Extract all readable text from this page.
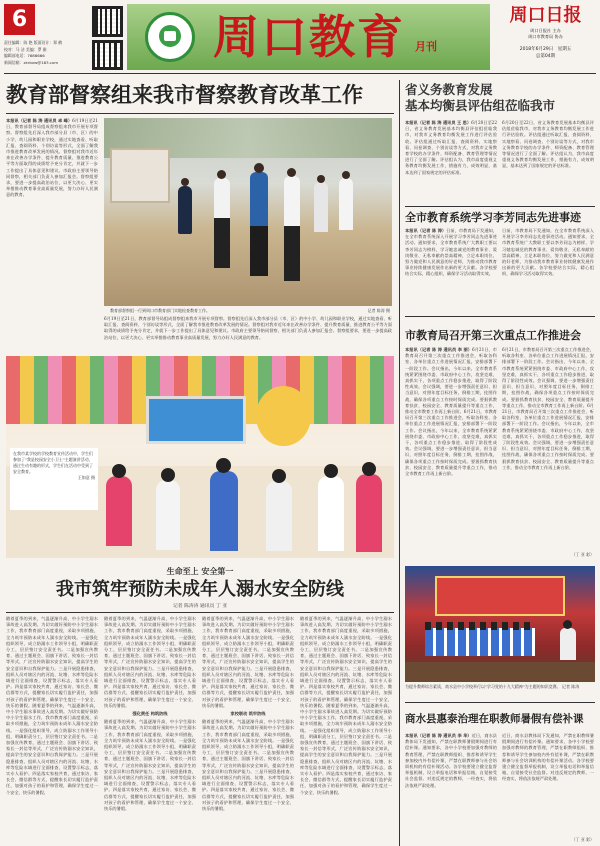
6
责任编辑：陈 艳 版面设计：郑 鹤
校对：马 洁 美编：罗 雅
编辑部电话：7686666
新闻信箱：zkrbxw@163.com	周口教育 月刊
周口日报
周口日报社 主办
周口市教育局 协办
2018年6月29日　星期五
总第04期
教育部督察组来我市督察教育改革工作
本报讯（记者 陈 涛 通讯员 卓 峰）6月19日至21日，教育部督导局组成督察组来我市开展专项督察。督察组先后深入我市部分县（市、区）的中小学、幼儿园和职业学校，通过实地查看、听取汇报、查阅资料、个别访谈等形式，全面了解我市推进教育改革发展的情况。督察组对我市近年来在改善办学条件、提升教育质量、推进教育公平等方面取得的成绩给予充分肯定，并就下一步工作提出了具体意见和建议。市政府主要领导陪同督察，相关部门负责人参加汇报会。督察组要求，要进一步提高政治站位，以更大决心、更实举措推动教育事业高质量发展，努力办好人民满意的教育。
教育部督察组一行到周口市教育部门实地检查教育工作。	记者 陈涛 摄
6月19日至21日，教育部督导局组成督察组来我市开展专项督察。督察组先后深入我市部分县（市、区）的中小学、幼儿园和职业学校，通过实地查看、听取汇报、查阅资料、个别访谈等形式，全面了解我市推进教育改革发展的情况。督察组对我市近年来在改善办学条件、提升教育质量、推进教育公平等方面取得的成绩给予充分肯定，并就下一步工作提出了具体意见和建议。市政府主要领导陪同督察，相关部门负责人参加汇报会。督察组要求，要进一步提高政治站位，以更大决心、更实举措推动教育事业高质量发展，努力办好人民满意的教育。
省义务教育发展
基本均衡县评估组莅临我市
本报讯（记者 陈 涛 通讯员 王 思）6月20日至22日，省义务教育发展基本均衡县评估组莅临我市，对我市义务教育均衡发展工作进行评估验收。评估组通过听取汇报、查阅资料、实地察看、问卷调查、个别访谈等方式，对我市义务教育学校的办学条件、师资配备、教育管理等情况进行了全面了解。评估组认为，我市高度重视义务教育均衡发展工作，措施有力，成效明显，基本达到了国家规定的评估标准。
6月20日至22日，省义务教育发展基本均衡县评估组莅临我市，对我市义务教育均衡发展工作进行评估验收。评估组通过听取汇报、查阅资料、实地察看、问卷调查、个别访谈等方式，对我市义务教育学校的办学条件、师资配备、教育管理等情况进行了全面了解。评估组认为，我市高度重视义务教育均衡发展工作，措施有力，成效明显，基本达到了国家规定的评估标准。
全市教育系统学习李芳同志先进事迹
本报讯（记者 陈 涛）日前，市教育局下发通知，在全市教育系统深入开展学习李芳同志先进事迹活动。通知要求，全市教育系统广大教职工要以李芳同志为榜样，学习她忠诚党的教育事业、爱岗敬业、无私奉献的崇高精神，立足本职岗位，努力做党和人民满意的好老师，为推动我市教育事业持续健康发展作出新的更大贡献。各学校要结合实际，精心组织，确保学习活动取得实效。
日前，市教育局下发通知，在全市教育系统深入开展学习李芳同志先进事迹活动。通知要求，全市教育系统广大教职工要以李芳同志为榜样，学习她忠诚党的教育事业、爱岗敬业、无私奉献的崇高精神，立足本职岗位，努力做党和人民满意的好老师，为推动我市教育事业持续健康发展作出新的更大贡献。各学校要结合实际，精心组织，确保学习活动取得实效。
市教育局召开第三次重点工作推进会
本报讯（记者 陈 涛 通讯员 李 丽）6月21日，市教育局召开第三次重点工作推进会，听取各科室、各单位重点工作进展情况汇报，安排部署下一阶段工作。会议指出，今年以来，全市教育系统紧紧围绕市委、市政府中心工作，攻坚克难，真抓实干，各项重点工作稳步推进，取得了阶段性成效。会议强调，要进一步增强责任意识、担当意识，对照年度目标任务，倒排工期，挂图作战，确保各项重点工作按时保质完成。要狠抓教育扶贫、校园安全、教育质量提升等重点工作，推动全市教育工作再上新台阶。6月21日，市教育局召开第三次重点工作推进会，听取各科室、各单位重点工作进展情况汇报，安排部署下一阶段工作。会议指出，今年以来，全市教育系统紧紧围绕市委、市政府中心工作，攻坚克难，真抓实干，各项重点工作稳步推进，取得了阶段性成效。会议强调，要进一步增强责任意识、担当意识，对照年度目标任务，倒排工期，挂图作战，确保各项重点工作按时保质完成。要狠抓教育扶贫、校园安全、教育质量提升等重点工作，推动全市教育工作再上新台阶。
6月21日，市教育局召开第三次重点工作推进会，听取各科室、各单位重点工作进展情况汇报，安排部署下一阶段工作。会议指出，今年以来，全市教育系统紧紧围绕市委、市政府中心工作，攻坚克难，真抓实干，各项重点工作稳步推进，取得了阶段性成效。会议强调，要进一步增强责任意识、担当意识，对照年度目标任务，倒排工期，挂图作战，确保各项重点工作按时保质完成。要狠抓教育扶贫、校园安全、教育质量提升等重点工作，推动全市教育工作再上新台阶。6月21日，市教育局召开第三次重点工作推进会，听取各科室、各单位重点工作进展情况汇报，安排部署下一阶段工作。会议指出，今年以来，全市教育系统紧紧围绕市委、市政府中心工作，攻坚克难，真抓实干，各项重点工作稳步推进，取得了阶段性成效。会议强调，要进一步增强责任意识、担当意识，对照年度目标任务，倒排工期，挂图作战，确保各项重点工作按时保质完成。要狠抓教育扶贫、校园安全、教育质量提升等重点工作，推动全市教育工作再上新台阶。
（丁 亚 彩）
在我市某学校的学校教育宣传活动中，学生们参加了"我是校园安全小卫士"主题演讲活动，通过生动有趣的形式，学生们在活动中受到了安全教育。
王如意 摄
生命至上 安全第一
我市筑牢预防未成年人溺水安全防线
记者 陈涛涛 通讯员 丁 亚
随着夏季的到来，气温逐渐升高，中小学生溺水事故进入高发期。为切实做好预防中小学生溺水工作，我市教育部门高度重视，采取多项措施，全力筑牢预防未成年人溺水安全防线。一是强化组织领导，成立防溺水工作领导小组，明确职责分工，层层签订安全责任书。二是加强宣传教育，通过主题班会、国旗下讲话、致家长一封信等形式，广泛宣传防溺水安全知识，提高学生的安全意识和自我保护能力。三是开展隐患排查，组织人员对辖区内的河流、坑塘、水库等危险水域进行全面排查，设置警示标志，落实专人看护。四是落实家校共育，通过家访、家长会、微信群等方式，提醒家长切实履行监护责任，加强对孩子的看护和管理，确保学生度过一个安全、快乐的暑假。随着夏季的到来，气温逐渐升高，中小学生溺水事故进入高发期。为切实做好预防中小学生溺水工作，我市教育部门高度重视，采取多项措施，全力筑牢预防未成年人溺水安全防线。一是强化组织领导，成立防溺水工作领导小组，明确职责分工，层层签订安全责任书。二是加强宣传教育，通过主题班会、国旗下讲话、致家长一封信等形式，广泛宣传防溺水安全知识，提高学生的安全意识和自我保护能力。三是开展隐患排查，组织人员对辖区内的河流、坑塘、水库等危险水域进行全面排查，设置警示标志，落实专人看护。四是落实家校共育，通过家访、家长会、微信群等方式，提醒家长切实履行监护责任，加强对孩子的看护和管理，确保学生度过一个安全、快乐的暑假。
随着夏季的到来，气温逐渐升高，中小学生溺水事故进入高发期。为切实做好预防中小学生溺水工作，我市教育部门高度重视，采取多项措施，全力筑牢预防未成年人溺水安全防线。一是强化组织领导，成立防溺水工作领导小组，明确职责分工，层层签订安全责任书。二是加强宣传教育，通过主题班会、国旗下讲话、致家长一封信等形式，广泛宣传防溺水安全知识，提高学生的安全意识和自我保护能力。三是开展隐患排查，组织人员对辖区内的河流、坑塘、水库等危险水域进行全面排查，设置警示标志，落实专人看护。四是落实家校共育，通过家访、家长会、微信群等方式，提醒家长切实履行监护责任，加强对孩子的看护和管理，确保学生度过一个安全、快乐的暑假。
强化责任 构筑防线
随着夏季的到来，气温逐渐升高，中小学生溺水事故进入高发期。为切实做好预防中小学生溺水工作，我市教育部门高度重视，采取多项措施，全力筑牢预防未成年人溺水安全防线。一是强化组织领导，成立防溺水工作领导小组，明确职责分工，层层签订安全责任书。二是加强宣传教育，通过主题班会、国旗下讲话、致家长一封信等形式，广泛宣传防溺水安全知识，提高学生的安全意识和自我保护能力。三是开展隐患排查，组织人员对辖区内的河流、坑塘、水库等危险水域进行全面排查，设置警示标志，落实专人看护。四是落实家校共育，通过家访、家长会、微信群等方式，提醒家长切实履行监护责任，加强对孩子的看护和管理，确保学生度过一个安全、快乐的暑假。
随着夏季的到来，气温逐渐升高，中小学生溺水事故进入高发期。为切实做好预防中小学生溺水工作，我市教育部门高度重视，采取多项措施，全力筑牢预防未成年人溺水安全防线。一是强化组织领导，成立防溺水工作领导小组，明确职责分工，层层签订安全责任书。二是加强宣传教育，通过主题班会、国旗下讲话、致家长一封信等形式，广泛宣传防溺水安全知识，提高学生的安全意识和自我保护能力。三是开展隐患排查，组织人员对辖区内的河流、坑塘、水库等危险水域进行全面排查，设置警示标志，落实专人看护。四是落实家校共育，通过家访、家长会、微信群等方式，提醒家长切实履行监护责任，加强对孩子的看护和管理，确保学生度过一个安全、快乐的暑假。
家校联动 筑牢防线
随着夏季的到来，气温逐渐升高，中小学生溺水事故进入高发期。为切实做好预防中小学生溺水工作，我市教育部门高度重视，采取多项措施，全力筑牢预防未成年人溺水安全防线。一是强化组织领导，成立防溺水工作领导小组，明确职责分工，层层签订安全责任书。二是加强宣传教育，通过主题班会、国旗下讲话、致家长一封信等形式，广泛宣传防溺水安全知识，提高学生的安全意识和自我保护能力。三是开展隐患排查，组织人员对辖区内的河流、坑塘、水库等危险水域进行全面排查，设置警示标志，落实专人看护。四是落实家校共育，通过家访、家长会、微信群等方式，提醒家长切实履行监护责任，加强对孩子的看护和管理，确保学生度过一个安全、快乐的暑假。
随着夏季的到来，气温逐渐升高，中小学生溺水事故进入高发期。为切实做好预防中小学生溺水工作，我市教育部门高度重视，采取多项措施，全力筑牢预防未成年人溺水安全防线。一是强化组织领导，成立防溺水工作领导小组，明确职责分工，层层签订安全责任书。二是加强宣传教育，通过主题班会、国旗下讲话、致家长一封信等形式，广泛宣传防溺水安全知识，提高学生的安全意识和自我保护能力。三是开展隐患排查，组织人员对辖区内的河流、坑塘、水库等危险水域进行全面排查，设置警示标志，落实专人看护。四是落实家校共育，通过家访、家长会、微信群等方式，提醒家长切实履行监护责任，加强对孩子的看护和管理，确保学生度过一个安全、快乐的暑假。随着夏季的到来，气温逐渐升高，中小学生溺水事故进入高发期。为切实做好预防中小学生溺水工作，我市教育部门高度重视，采取多项措施，全力筑牢预防未成年人溺水安全防线。一是强化组织领导，成立防溺水工作领导小组，明确职责分工，层层签订安全责任书。二是加强宣传教育，通过主题班会、国旗下讲话、致家长一封信等形式，广泛宣传防溺水安全知识，提高学生的安全意识和自我保护能力。三是开展隐患排查，组织人员对辖区内的河流、坑塘、水库等危险水域进行全面排查，设置警示标志，落实专人看护。四是落实家校共育，通过家访、家长会、微信群等方式，提醒家长切实履行监护责任，加强对孩子的看护和管理，确保学生度过一个安全、快乐的暑假。
为提升教师综合素质，商水县中小学校举行以"学习党的十九大精神"为主题的知识竞赛。 记者 陈涛
商水县惠泰治理在职教师暑假有偿补课
本报讯（记者 陈 涛 通讯员 李 华）近日，商水县教体局下发通知，严禁在职教师暑假期间进行有偿补课。通知要求，各中小学校要加强对教师的教育管理，严禁在职教师组织、推荐和诱导学生参加校内外有偿补课，严禁在职教师参与社会培训机构的有偿补课活动。各学校要建立健全监督举报机制，设立举报电话和举报信箱，自觉接受社会监督。对违反规定的教师，一经查实，将依法依规严肃处理。
近日，商水县教体局下发通知，严禁在职教师暑假期间进行有偿补课。通知要求，各中小学校要加强对教师的教育管理，严禁在职教师组织、推荐和诱导学生参加校内外有偿补课，严禁在职教师参与社会培训机构的有偿补课活动。各学校要建立健全监督举报机制，设立举报电话和举报信箱，自觉接受社会监督。对违反规定的教师，一经查实，将依法依规严肃处理。
（丁 亚 彩）
